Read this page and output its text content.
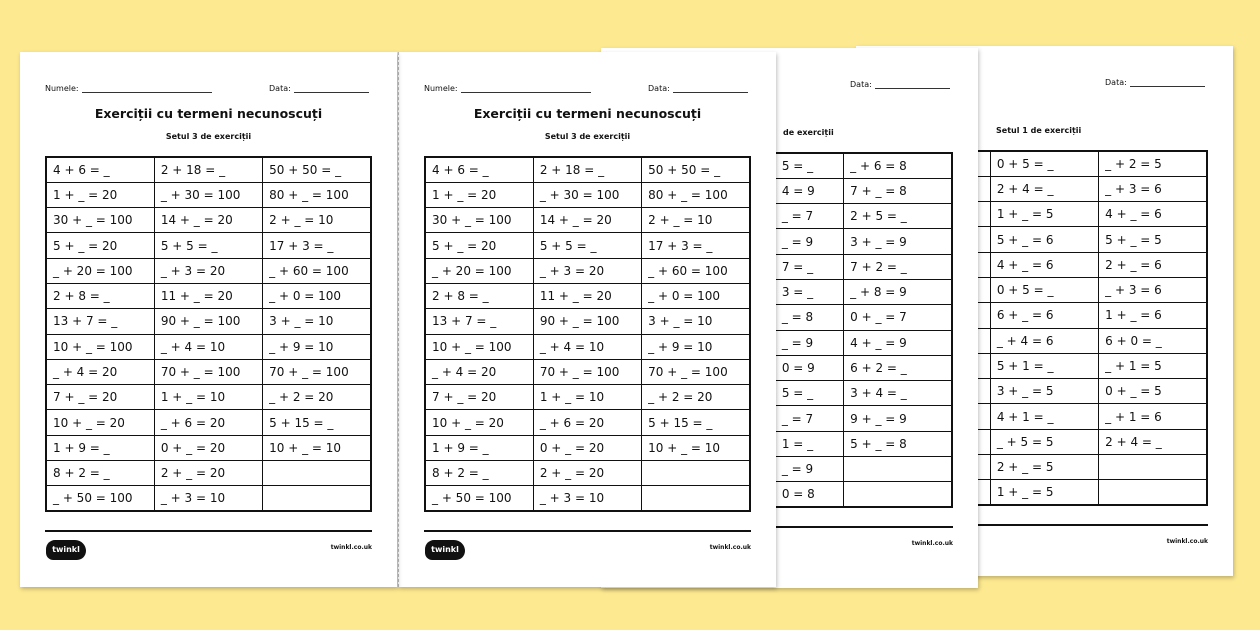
Numele:	Data:
Exerciții cu termeni necunoscuți
Setul 3 de exerciții
4 + 6 = _	2 + 18 = _	50 + 50 = _
1 + _ = 20	_ + 30 = 100	80 + _ = 100
30 + _ = 100	14 + _ = 20	2 + _ = 10
5 + _ = 20	5 + 5 = _	17 + 3 = _
_ + 20 = 100	_ + 3 = 20	_ + 60 = 100
2 + 8 = _	11 + _ = 20	_ + 0 = 100
13 + 7 = _	90 + _ = 100	3 + _ = 10
10 + _ = 100	_ + 4 = 10	_ + 9 = 10
_ + 4 = 20	70 + _ = 100	70 + _ = 100
7 + _ = 20	1 + _ = 10	_ + 2 = 20
10 + _ = 20	_ + 6 = 20	5 + 15 = _
1 + 9 = _	0 + _ = 20	10 + _ = 10
8 + 2 = _	2 + _ = 20	
_ + 50 = 100	_ + 3 = 10	
twinkl	twinkl.co.uk
Numele:	Data:
Exerciții cu termeni necunoscuți
Setul 3 de exerciții
4 + 6 = _	2 + 18 = _	50 + 50 = _
1 + _ = 20	_ + 30 = 100	80 + _ = 100
30 + _ = 100	14 + _ = 20	2 + _ = 10
5 + _ = 20	5 + 5 = _	17 + 3 = _
_ + 20 = 100	_ + 3 = 20	_ + 60 = 100
2 + 8 = _	11 + _ = 20	_ + 0 = 100
13 + 7 = _	90 + _ = 100	3 + _ = 10
10 + _ = 100	_ + 4 = 10	_ + 9 = 10
_ + 4 = 20	70 + _ = 100	70 + _ = 100
7 + _ = 20	1 + _ = 10	_ + 2 = 20
10 + _ = 20	_ + 6 = 20	5 + 15 = _
1 + 9 = _	0 + _ = 20	10 + _ = 10
8 + 2 = _	2 + _ = 20	
_ + 50 = 100	_ + 3 = 10	
twinkl	twinkl.co.uk
Data:
de exerciții
	5 = _	_ + 6 = 8
	4 = 9	7 + _ = 8
	_ = 7	2 + 5 = _
	_ = 9	3 + _ = 9
	7 = _	7 + 2 = _
	3 = _	_ + 8 = 9
	_ = 8	0 + _ = 7
	_ = 9	4 + _ = 9
	0 = 9	6 + 2 = _
	5 = _	3 + 4 = _
	_ = 7	9 + _ = 9
	1 = _	5 + _ = 8
	_ = 9	
	0 = 8	
twinkl.co.uk
Data:
Setul 1 de exerciții
	0 + 5 = _	_ + 2 = 5
	2 + 4 = _	_ + 3 = 6
	1 + _ = 5	4 + _ = 6
	5 + _ = 6	5 + _ = 5
	4 + _ = 6	2 + _ = 6
	0 + 5 = _	_ + 3 = 6
	6 + _ = 6	1 + _ = 6
	_ + 4 = 6	6 + 0 = _
	5 + 1 = _	_ + 1 = 5
	3 + _ = 5	0 + _ = 5
	4 + 1 = _	_ + 1 = 6
	_ + 5 = 5	2 + 4 = _
	2 + _ = 5	
	1 + _ = 5	
twinkl.co.uk
